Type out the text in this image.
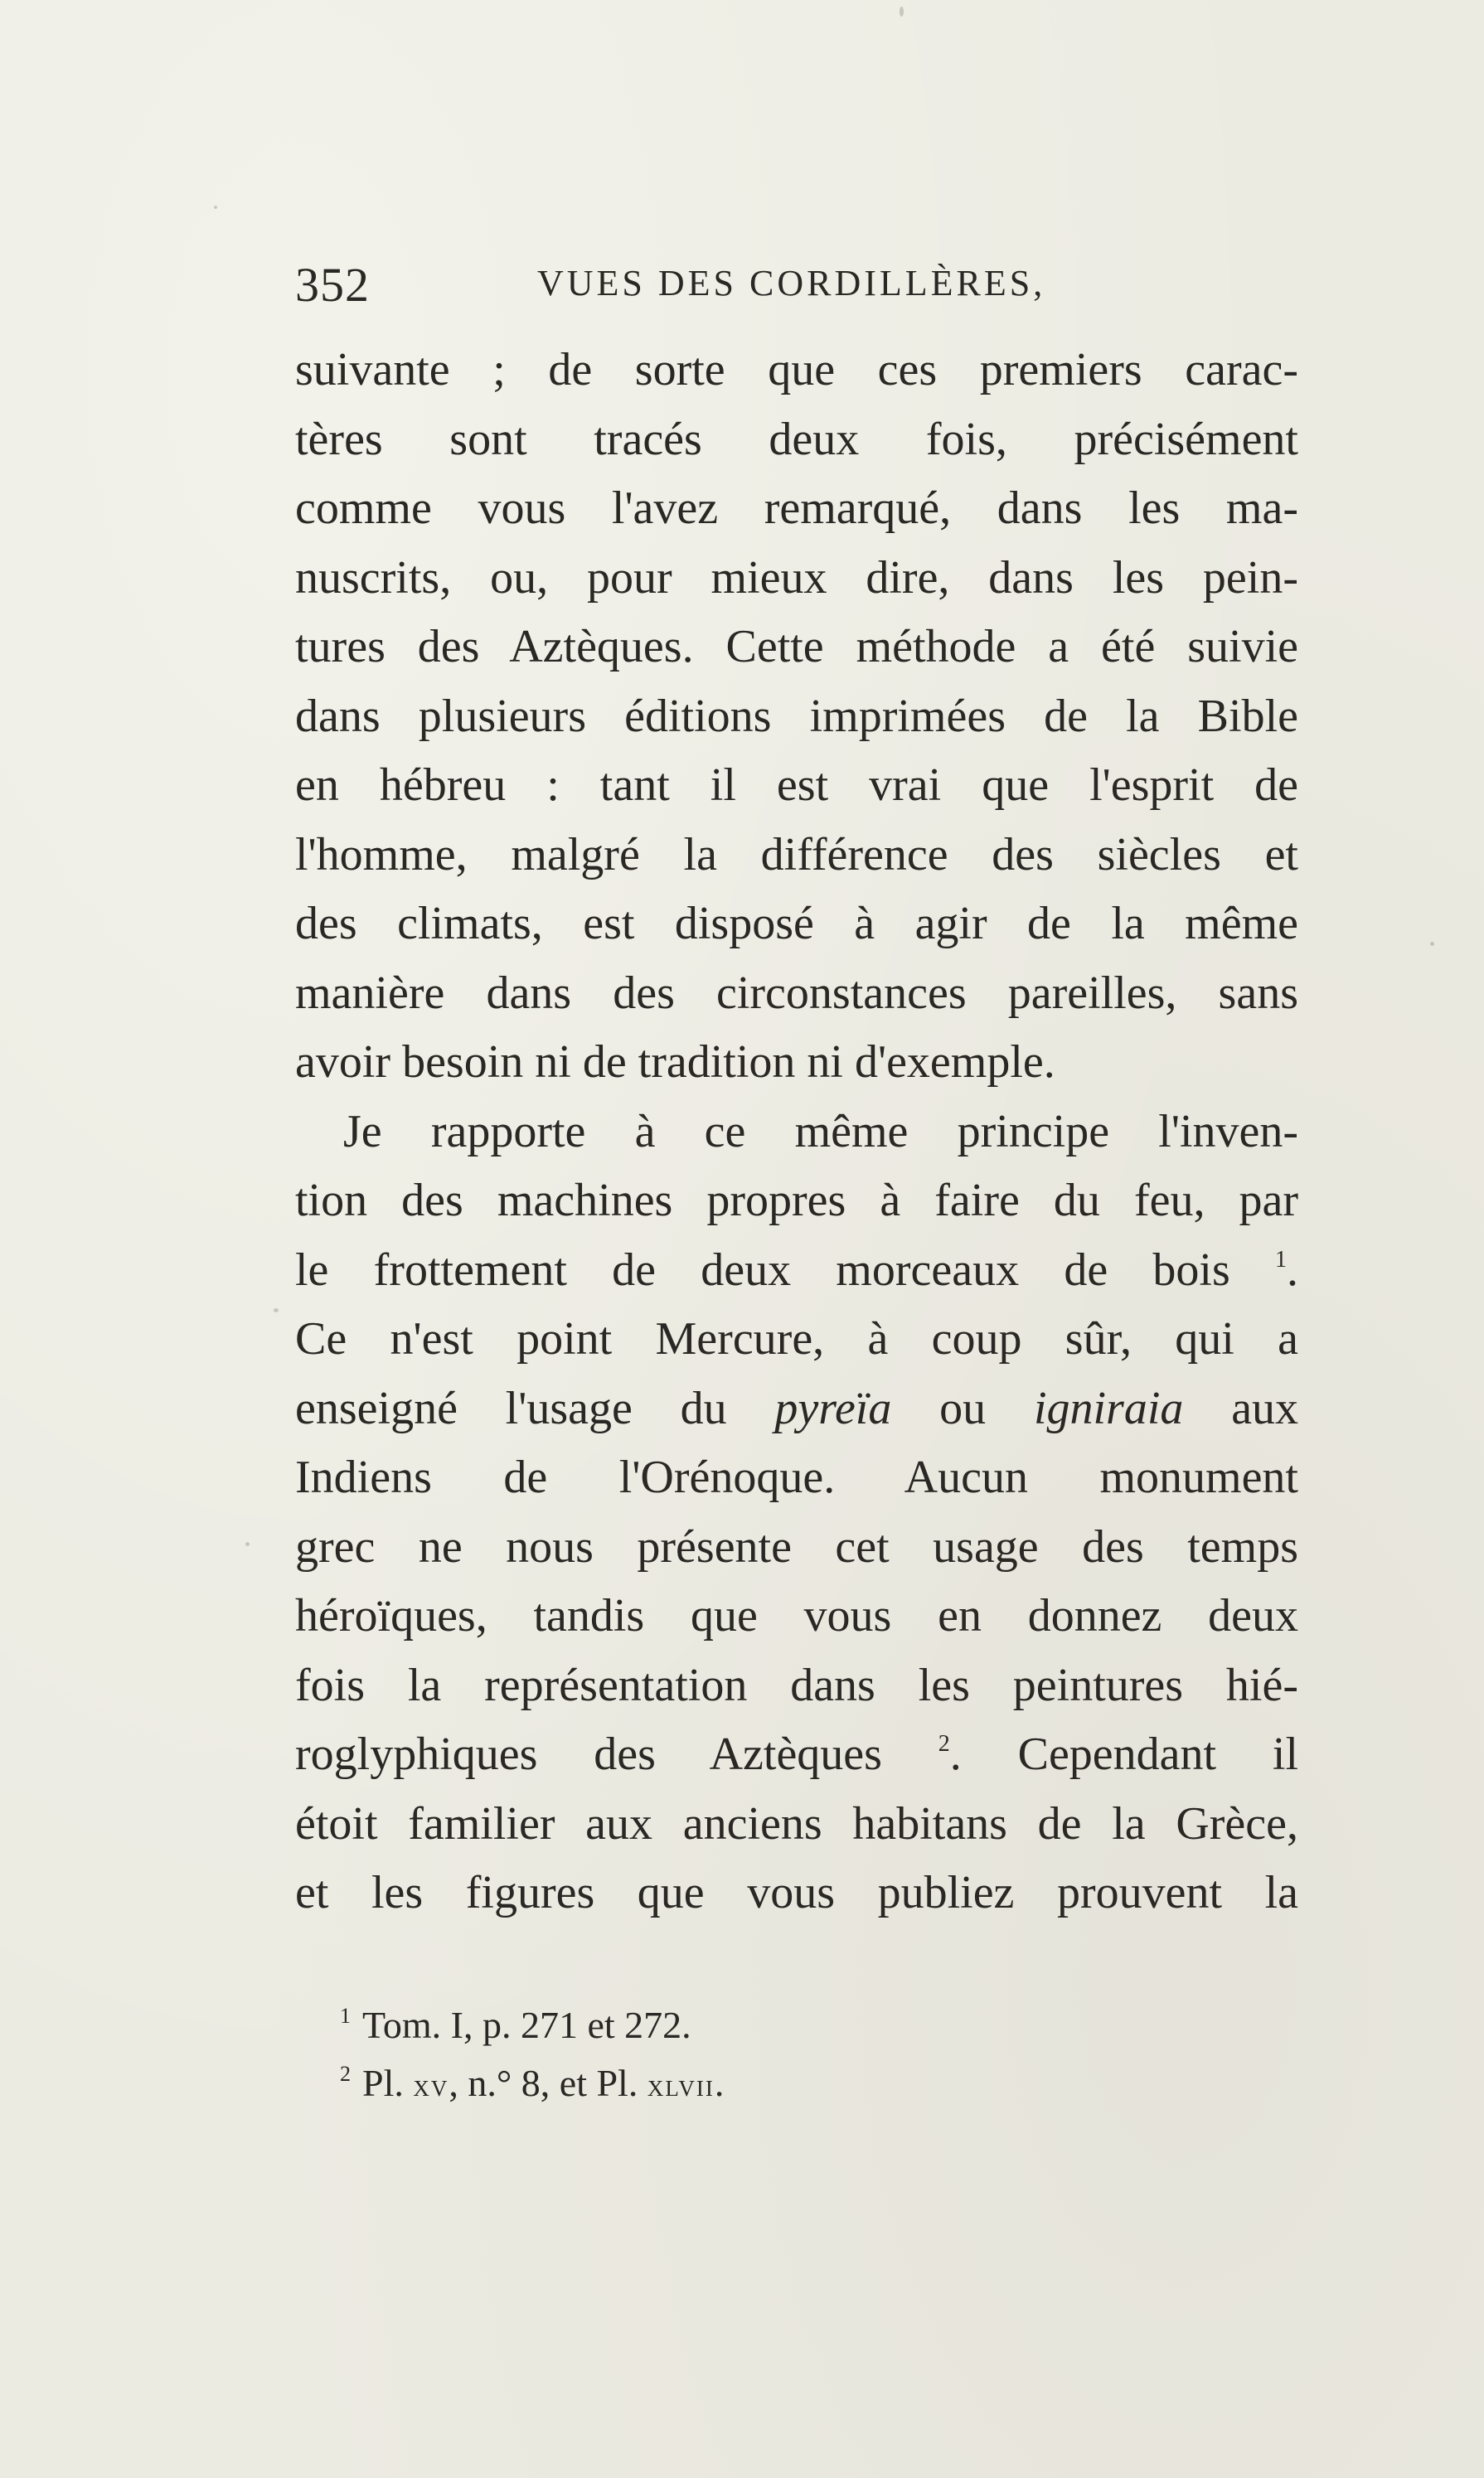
352	VUES DES CORDILLÈRES,
suivante ; de sorte que ces premiers carac-
tères sont tracés deux fois, précisément
comme vous l'avez remarqué, dans les ma-
nuscrits, ou, pour mieux dire, dans les pein-
tures des Aztèques. Cette méthode a été suivie
dans plusieurs éditions imprimées de la Bible
en hébreu : tant il est vrai que l'esprit de
l'homme, malgré la différence des siècles et
des climats, est disposé à agir de la même
manière dans des circonstances pareilles, sans
avoir besoin ni de tradition ni d'exemple.
Je rapporte à ce même principe l'inven-
tion des machines propres à faire du feu, par
le frottement de deux morceaux de bois $^1$.
Ce n'est point Mercure, à coup sûr, qui a
enseigné l'usage du pyreïa ou igniraia aux
Indiens de l'Orénoque. Aucun monument
grec ne nous présente cet usage des temps
héroïques, tandis que vous en donnez deux
fois la représentation dans les peintures hié-
roglyphiques des Aztèques $^2$. Cependant il
étoit familier aux anciens habitans de la Grèce,
et les figures que vous publiez prouvent la
$^1$ Tom. I, p. 271 et 272.
$^2$ Pl. xv, n.° 8, et Pl. xlvii.
